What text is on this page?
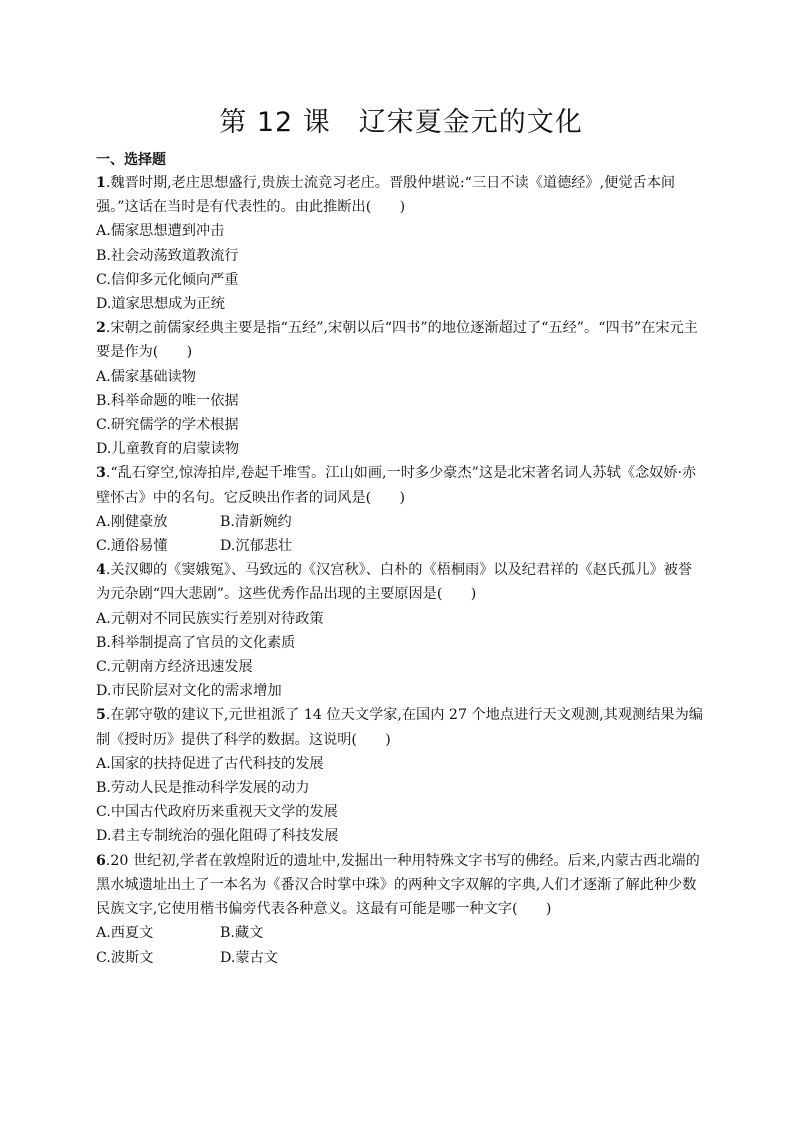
第 12 课　辽宋夏金元的文化
一、选择题
1.魏晋时期,老庄思想盛行,贵族士流竞习老庄。晋殷仲堪说:“三日不读《道德经》,便觉舌本间强。”这话在当时是有代表性的。由此推断出(　　)
A.儒家思想遭到冲击
B.社会动荡致道教流行
C.信仰多元化倾向严重
D.道家思想成为正统
2.宋朝之前儒家经典主要是指“五经”,宋朝以后“四书”的地位逐渐超过了“五经”。“四书”在宋元主要是作为(　　)
A.儒家基础读物
B.科举命题的唯一依据
C.研究儒学的学术根据
D.儿童教育的启蒙读物
3.“乱石穿空,惊涛拍岸,卷起千堆雪。江山如画,一时多少豪杰”这是北宋著名词人苏轼《念奴娇·赤壁怀古》中的名句。它反映出作者的词风是(　　)
A.刚健豪放	B.清新婉约
C.通俗易懂	D.沉郁悲壮
4.关汉卿的《窦娥冤》、马致远的《汉宫秋》、白朴的《梧桐雨》以及纪君祥的《赵氏孤儿》被誉为元杂剧“四大悲剧”。这些优秀作品出现的主要原因是(　　)
A.元朝对不同民族实行差别对待政策
B.科举制提高了官员的文化素质
C.元朝南方经济迅速发展
D.市民阶层对文化的需求增加
5.在郭守敬的建议下,元世祖派了 14 位天文学家,在国内 27 个地点进行天文观测,其观测结果为编制《授时历》提供了科学的数据。这说明(　　)
A.国家的扶持促进了古代科技的发展
B.劳动人民是推动科学发展的动力
C.中国古代政府历来重视天文学的发展
D.君主专制统治的强化阻碍了科技发展
6.20 世纪初,学者在敦煌附近的遗址中,发掘出一种用特殊文字书写的佛经。后来,内蒙古西北端的黑水城遗址出土了一本名为《番汉合时掌中珠》的两种文字双解的字典,人们才逐渐了解此种少数民族文字,它使用楷书偏旁代表各种意义。这最有可能是哪一种文字(　　)
A.西夏文	B.藏文
C.波斯文	D.蒙古文
